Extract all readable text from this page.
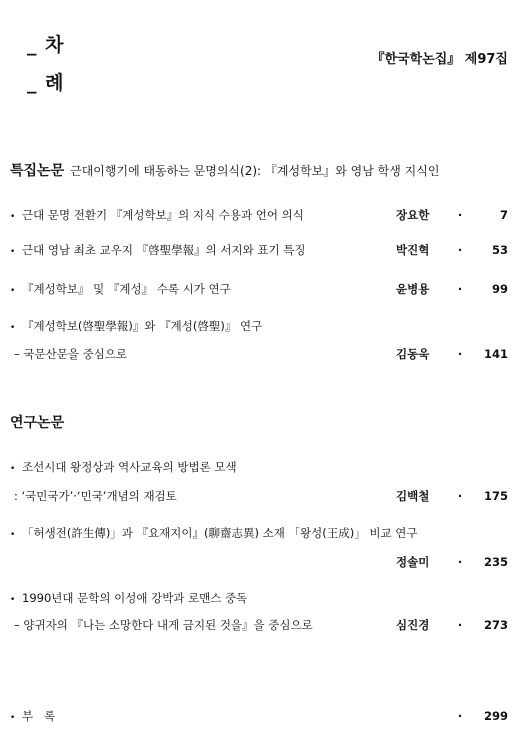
_ 차
_ 례
『한국학논집』 제97집
특집논문 근대이행기에 태동하는 문명의식(2): 『계성학보』와 영남 학생 지식인
• 근대 문명 전환기 『계성학보』의 지식 수용과 언어 의식	장요한	·	7
• 근대 영남 최초 교우지 『啓聖學報』의 서지와 표기 특징	박진혁	·	53
• 『계성학보』 및 『계성』 수록 시가 연구	윤병용	·	99
• 『계성학보(啓聖學報)』와 『계성(啓聖)』 연구
– 국문산문을 중심으로	김동욱	·	141
연구논문
• 조선시대 왕정상과 역사교육의 방법론 모색
: ‘국민국가’·‘민국’개념의 재검토	김백철	·	175
• 「허생전(許生傳)」과 『요재지이』(聊齋志異) 소재 「왕성(王成)」 비교 연구
정솔미	·	235
• 1990년대 문학의 이성애 강박과 로맨스 중독
– 양귀자의 『나는 소망한다 내게 금지된 것을』을 중심으로	심진경	·	273
• 부   록	·	299
